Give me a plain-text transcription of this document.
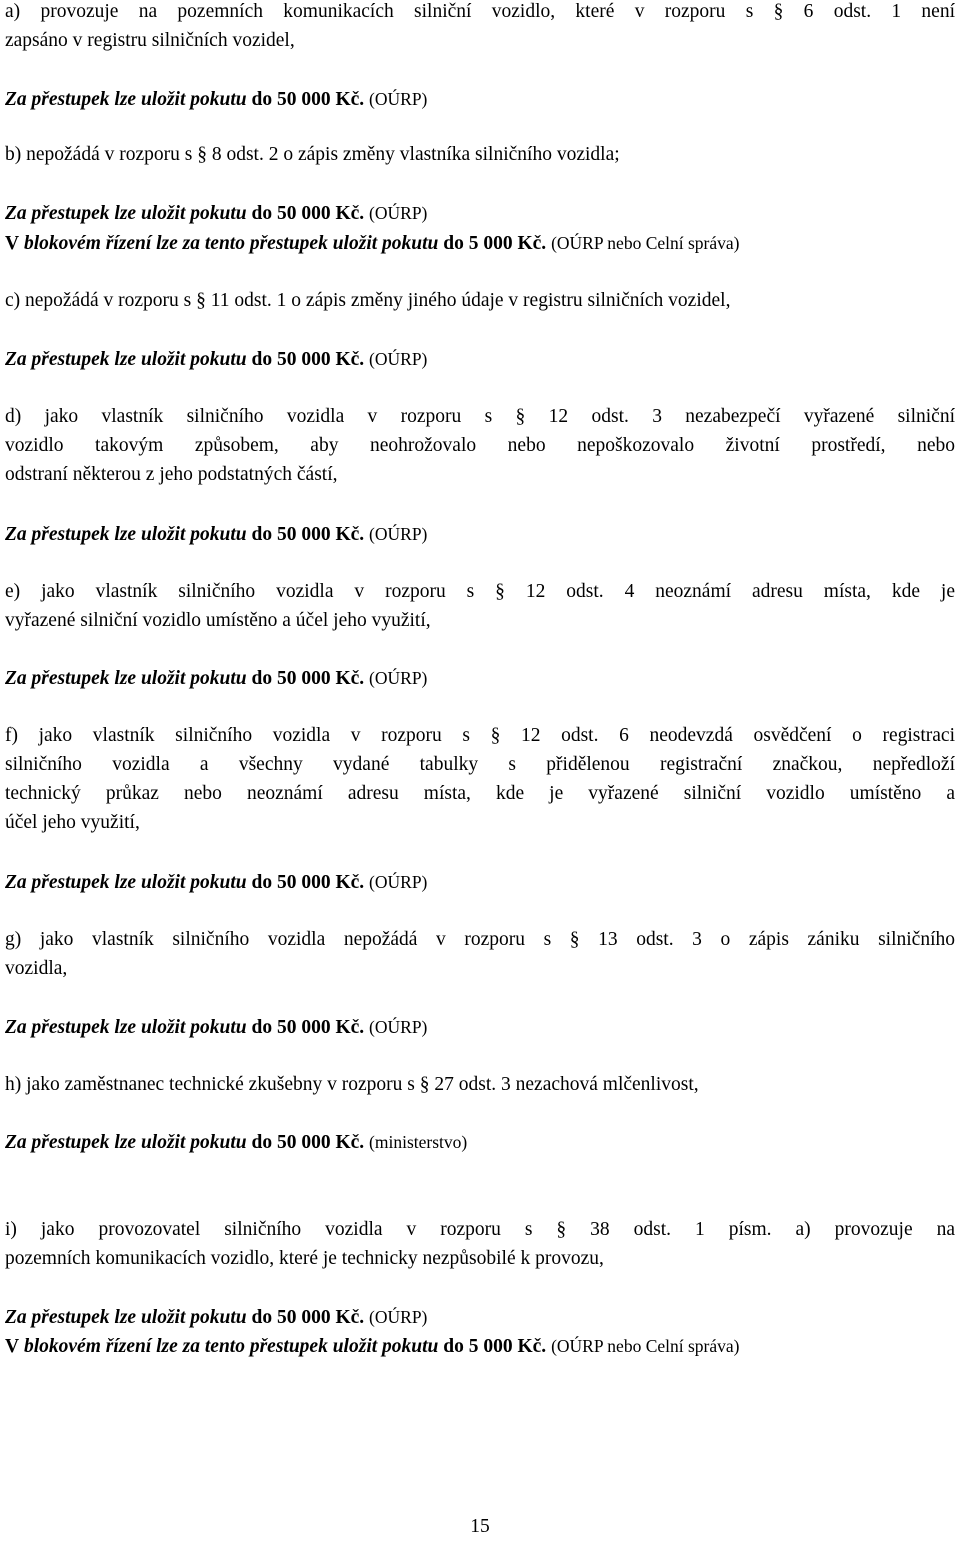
a) provozuje na pozemních komunikacích silniční vozidlo, které v rozporu s § 6 odst. 1 není
zapsáno v registru silničních vozidel,
Za přestupek lze uložit pokutu do 50 000 Kč. (OÚRP)
b) nepožádá v rozporu s § 8 odst. 2 o zápis změny vlastníka silničního vozidla;
Za přestupek lze uložit pokutu do 50 000 Kč. (OÚRP)
V blokovém řízení lze za tento přestupek uložit pokutu do 5 000 Kč. (OÚRP nebo Celní správa)
c) nepožádá v rozporu s § 11 odst. 1 o zápis změny jiného údaje v registru silničních vozidel,
Za přestupek lze uložit pokutu do 50 000 Kč. (OÚRP)
d) jako vlastník silničního vozidla v rozporu s § 12 odst. 3 nezabezpečí vyřazené silniční
vozidlo takovým způsobem, aby neohrožovalo nebo nepoškozovalo životní prostředí, nebo
odstraní některou z jeho podstatných částí,
Za přestupek lze uložit pokutu do 50 000 Kč. (OÚRP)
e) jako vlastník silničního vozidla v rozporu s § 12 odst. 4 neoznámí adresu místa, kde je
vyřazené silniční vozidlo umístěno a účel jeho využití,
Za přestupek lze uložit pokutu do 50 000 Kč. (OÚRP)
f) jako vlastník silničního vozidla v rozporu s § 12 odst. 6 neodevzdá osvědčení o registraci
silničního vozidla a všechny vydané tabulky s přidělenou registrační značkou, nepředloží
technický průkaz nebo neoznámí adresu místa, kde je vyřazené silniční vozidlo umístěno a
účel jeho využití,
Za přestupek lze uložit pokutu do 50 000 Kč. (OÚRP)
g) jako vlastník silničního vozidla nepožádá v rozporu s § 13 odst. 3 o zápis zániku silničního
vozidla,
Za přestupek lze uložit pokutu do 50 000 Kč. (OÚRP)
h) jako zaměstnanec technické zkušebny v rozporu s § 27 odst. 3 nezachová mlčenlivost,
Za přestupek lze uložit pokutu do 50 000 Kč. (ministerstvo)
i) jako provozovatel silničního vozidla v rozporu s § 38 odst. 1 písm. a) provozuje na
pozemních komunikacích vozidlo, které je technicky nezpůsobilé k provozu,
Za přestupek lze uložit pokutu do 50 000 Kč. (OÚRP)
V blokovém řízení lze za tento přestupek uložit pokutu do 5 000 Kč. (OÚRP nebo Celní správa)
15
